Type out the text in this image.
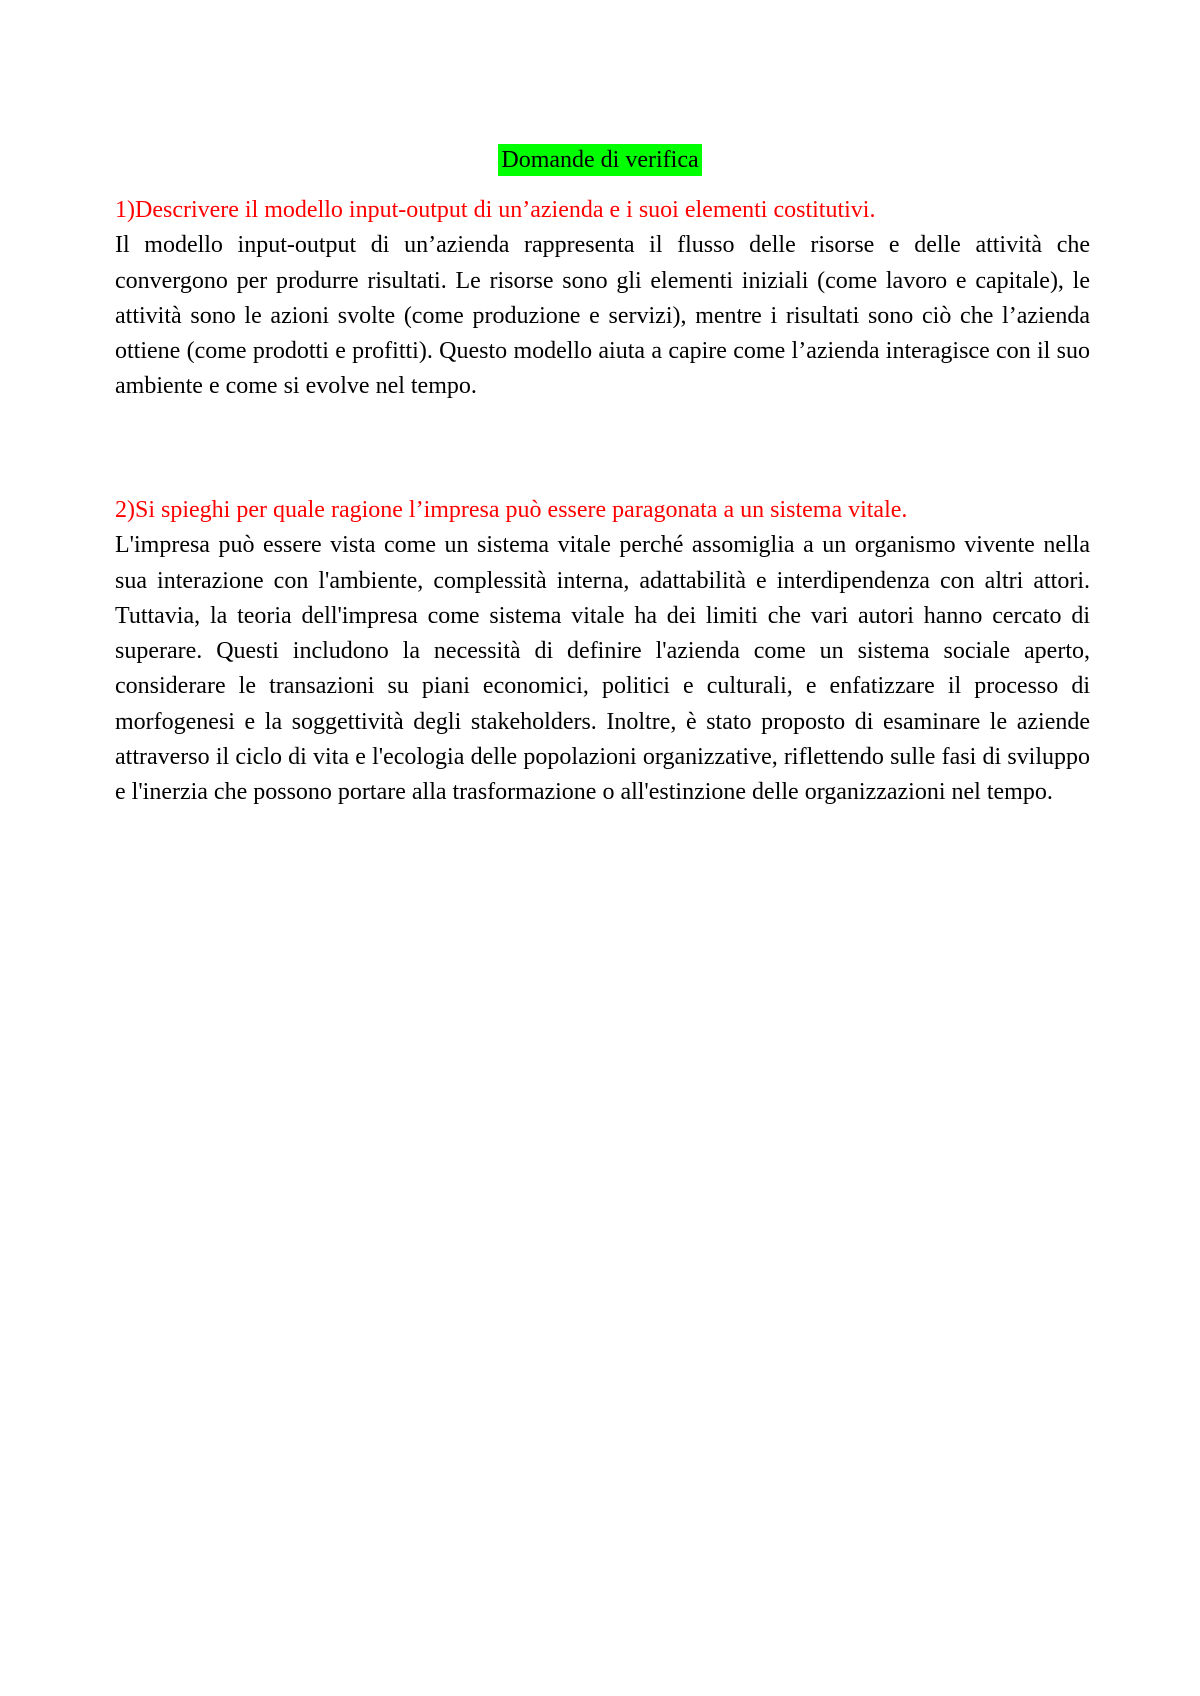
Domande di verifica

1)Descrivere il modello input-output di un’azienda e i suoi elementi costitutivi.

Il modello input-output di un’azienda rappresenta il flusso delle risorse e delle attività che convergono per produrre risultati. Le risorse sono gli elementi iniziali (come lavoro e capitale), le attività sono le azioni svolte (come produzione e servizi), mentre i risultati sono ciò che l’azienda ottiene (come prodotti e profitti). Questo modello aiuta a capire come l’azienda interagisce con il suo ambiente e come si evolve nel tempo.

2)Si spieghi per quale ragione l’impresa può essere paragonata a un sistema vitale.

L'impresa può essere vista come un sistema vitale perché assomiglia a un organismo vivente nella sua interazione con l'ambiente, complessità interna, adattabilità e interdipendenza con altri attori. Tuttavia, la teoria dell'impresa come sistema vitale ha dei limiti che vari autori hanno cercato di superare. Questi includono la necessità di definire l'azienda come un sistema sociale aperto, considerare le transazioni su piani economici, politici e culturali, e enfatizzare il processo di morfogenesi e la soggettività degli stakeholders. Inoltre, è stato proposto di esaminare le aziende attraverso il ciclo di vita e l'ecologia delle popolazioni organizzative, riflettendo sulle fasi di sviluppo e l'inerzia che possono portare alla trasformazione o all'estinzione delle organizzazioni nel tempo.
